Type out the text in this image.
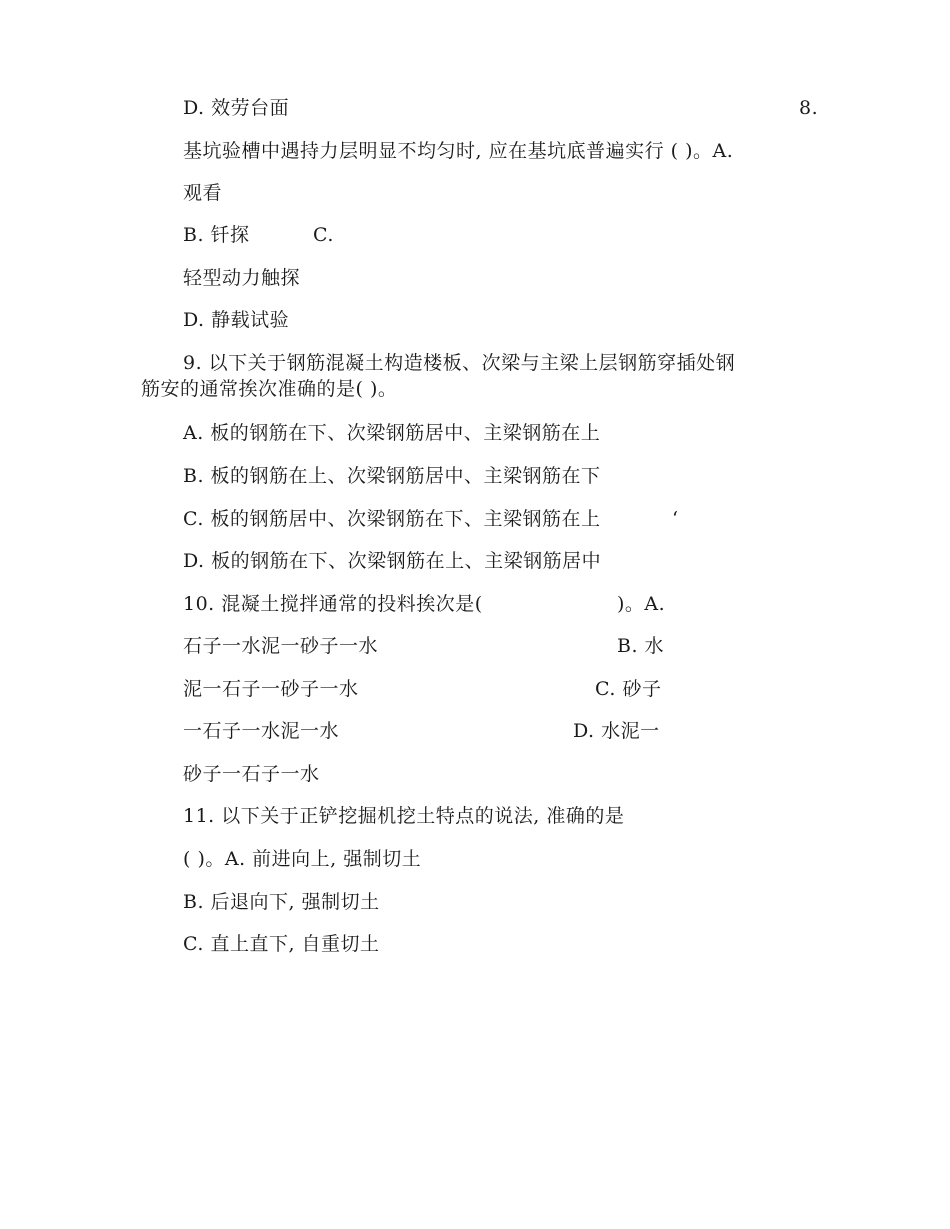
D. 效劳台面	8.
基坑验槽中遇持力层明显不均匀时, 应在基坑底普遍实行 ( )。A.
观看
B. 钎探	C.
轻型动力触探
D. 静载试验
9. 以下关于钢筋混凝土构造楼板、次梁与主梁上层钢筋穿插处钢
筋安的通常挨次准确的是( )。
A. 板的钢筋在下、次梁钢筋居中、主梁钢筋在上
B. 板的钢筋在上、次梁钢筋居中、主梁钢筋在下
C. 板的钢筋居中、次梁钢筋在下、主梁钢筋在上	‘
D. 板的钢筋在下、次梁钢筋在上、主梁钢筋居中
10. 混凝土搅拌通常的投料挨次是(	)。A.
石子一水泥一砂子一水	B. 水
泥一石子一砂子一水	C. 砂子
一石子一水泥一水	D. 水泥一
砂子一石子一水
11. 以下关于正铲挖掘机挖土特点的说法, 准确的是
( )。A. 前进向上, 强制切土
B. 后退向下, 强制切土
C. 直上直下, 自重切土
